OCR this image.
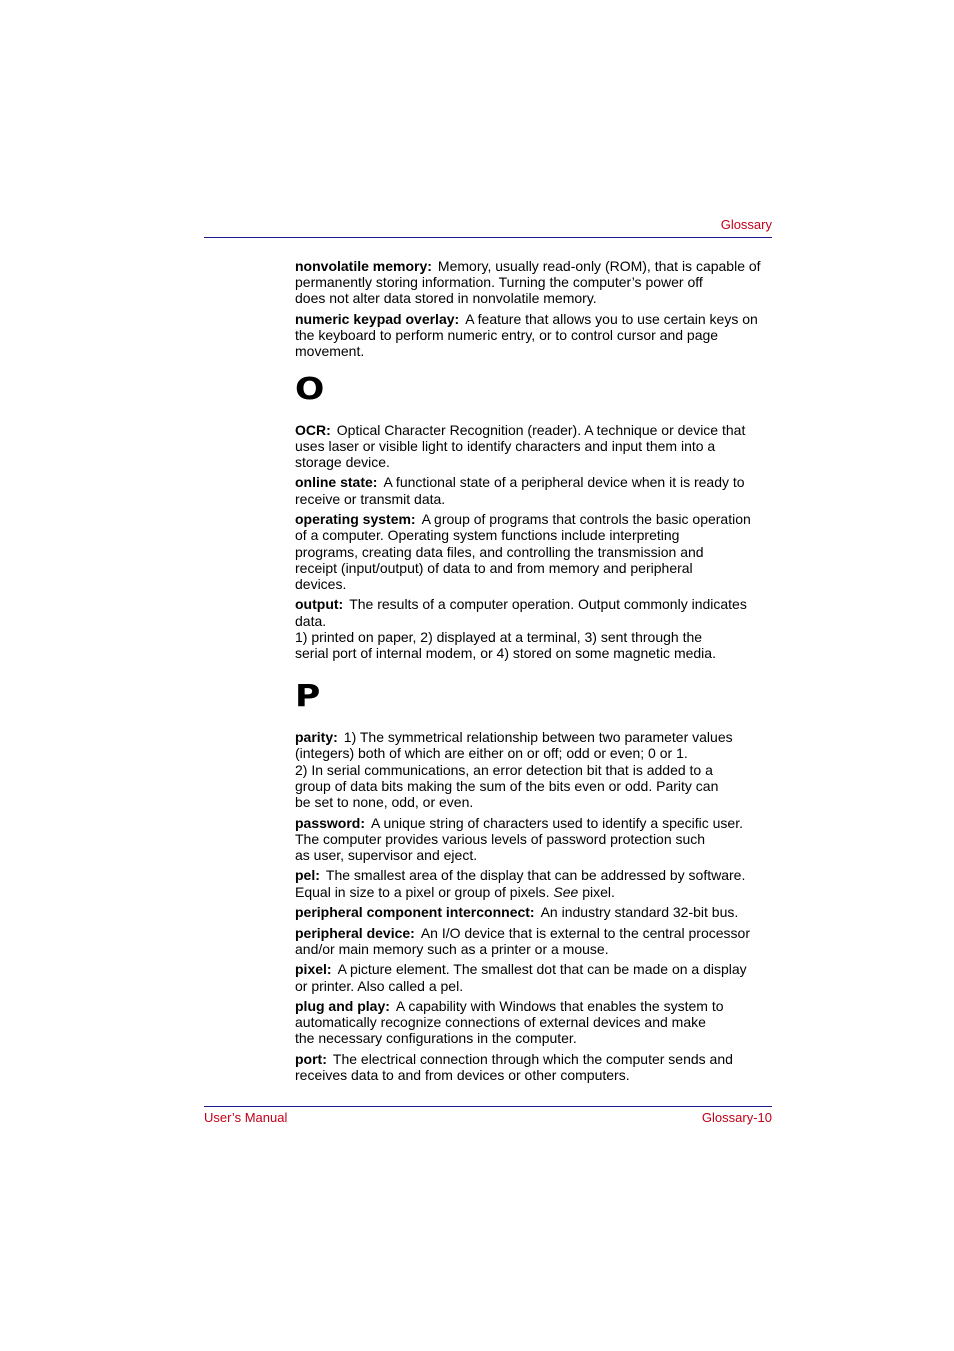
Glossary
nonvolatile memory: Memory, usually read-only (ROM), that is capable of
permanently storing information. Turning the computer’s power off
does not alter data stored in nonvolatile memory.
numeric keypad overlay: A feature that allows you to use certain keys on
the keyboard to perform numeric entry, or to control cursor and page
movement.
O
OCR: Optical Character Recognition (reader). A technique or device that
uses laser or visible light to identify characters and input them into a
storage device.
online state: A functional state of a peripheral device when it is ready to
receive or transmit data.
operating system: A group of programs that controls the basic operation
of a computer. Operating system functions include interpreting
programs, creating data files, and controlling the transmission and
receipt (input/output) of data to and from memory and peripheral
devices.
output: The results of a computer operation. Output commonly indicates
data.
1) printed on paper, 2) displayed at a terminal, 3) sent through the
serial port of internal modem, or 4) stored on some magnetic media.
P
parity: 1) The symmetrical relationship between two parameter values
(integers) both of which are either on or off; odd or even; 0 or 1.
2) In serial communications, an error detection bit that is added to a
group of data bits making the sum of the bits even or odd. Parity can
be set to none, odd, or even.
password: A unique string of characters used to identify a specific user.
The computer provides various levels of password protection such
as user, supervisor and eject.
pel: The smallest area of the display that can be addressed by software.
Equal in size to a pixel or group of pixels. See pixel.
peripheral component interconnect: An industry standard 32-bit bus.
peripheral device: An I/O device that is external to the central processor
and/or main memory such as a printer or a mouse.
pixel: A picture element. The smallest dot that can be made on a display
or printer. Also called a pel.
plug and play: A capability with Windows that enables the system to
automatically recognize connections of external devices and make
the necessary configurations in the computer.
port: The electrical connection through which the computer sends and
receives data to and from devices or other computers.
User’s Manual	Glossary-10
